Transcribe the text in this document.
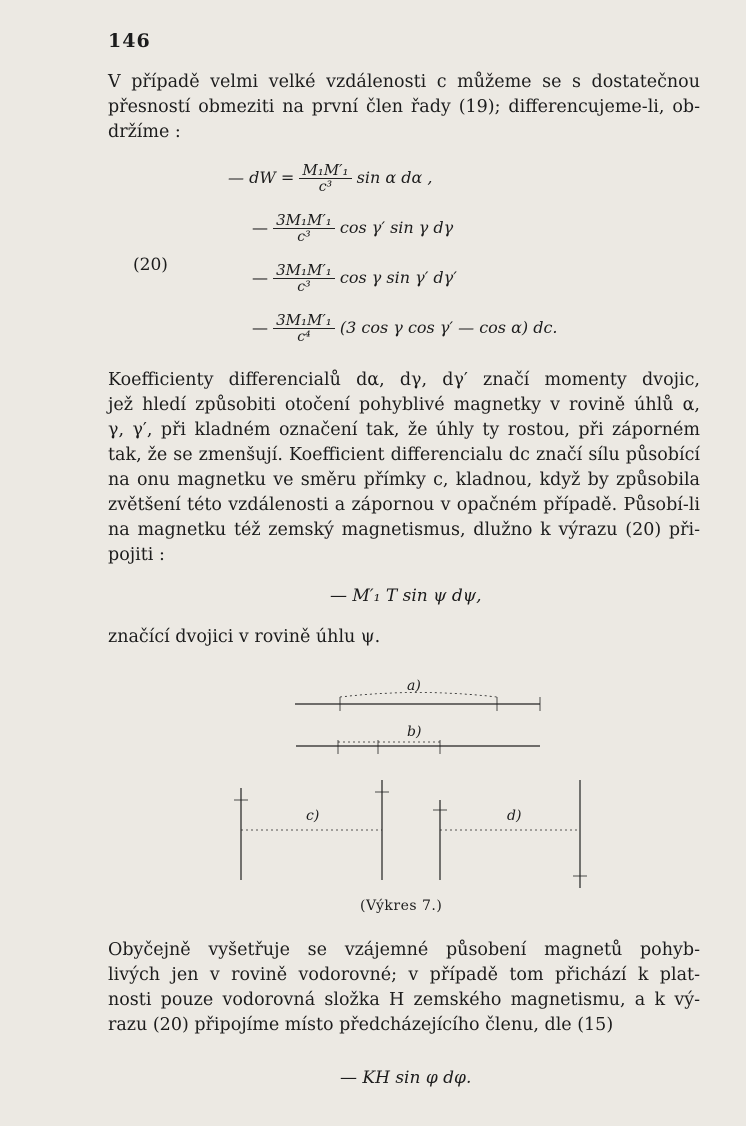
146
V případě velmi velké vzdálenosti c můžeme se s dostatečnou
přesností obmeziti na první člen řady (19); differencujeme-li, ob-
držíme :
(20)
— dW = $\frac{\text{M₁M′₁}}{\text{c³}}$ sin α dα ,
— $\frac{\text{3M₁M′₁}}{\text{c³}}$ cos γ′ sin γ dγ
— $\frac{\text{3M₁M′₁}}{\text{c³}}$ cos γ sin γ′ dγ′
— $\frac{\text{3M₁M′₁}}{\text{c⁴}} (3$ cos γ cos γ′ — cos α) dc.
Koefficienty differencialů dα, dγ, dγ′ značí momenty dvojic,
jež hledí způsobiti otočení pohyblivé magnetky v rovině úhlů α,
γ, γ′, při kladném označení tak, že úhly ty rostou, při záporném
tak, že se zmenšují. Koefficient differencialu dc značí sílu působící
na onu magnetku ve směru přímky c, kladnou, když by způsobila
zvětšení této vzdálenosti a zápornou v opačném případě. Působí-li
na magnetku též zemský magnetismus, dlužno k výrazu (20) při-
pojiti :
— M′₁ T sin ψ dψ,
značící dvojici v rovině úhlu ψ.
a)
b)
c)	d)
(Výkres 7.)
Obyčejně vyšetřuje se vzájemné působení magnetů pohyb-
livých jen v rovině vodorovné; v případě tom přichází k plat-
nosti pouze vodorovná složka H zemského magnetismu, a k vý-
razu (20) připojíme místo předcházejícího členu, dle (15)
— KH sin φ dφ.
